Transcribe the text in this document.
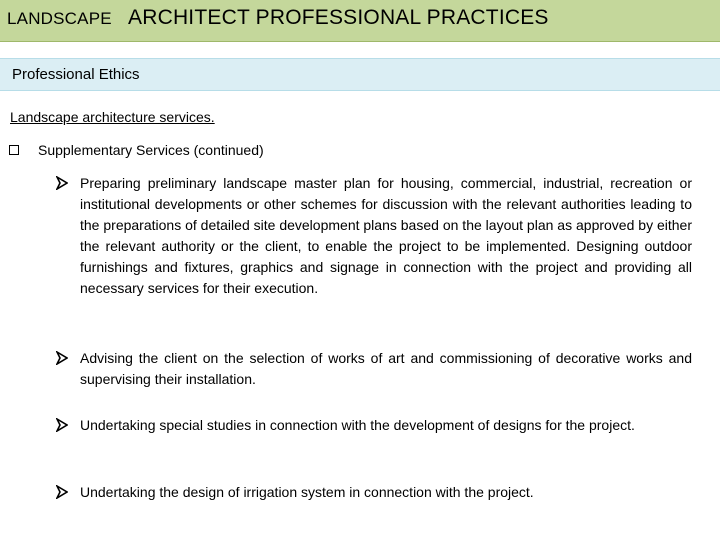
LANDSCAPE ARCHITECT PROFESSIONAL PRACTICES
Professional Ethics
Landscape architecture services.
Supplementary Services (continued)
Preparing preliminary landscape master plan for housing, commercial, industrial, recreation or institutional developments or other schemes for discussion with the relevant authorities leading to the preparations of detailed site development plans based on the layout plan as approved by either the relevant authority or the client, to enable the project to be implemented. Designing outdoor furnishings and fixtures, graphics and signage in connection with the project and providing all necessary services for their execution.
Advising the client on the selection of works of art and commissioning of decorative works and supervising their installation.
Undertaking special studies in connection with the development of designs for the project.
Undertaking the design of irrigation system in connection with the project.
